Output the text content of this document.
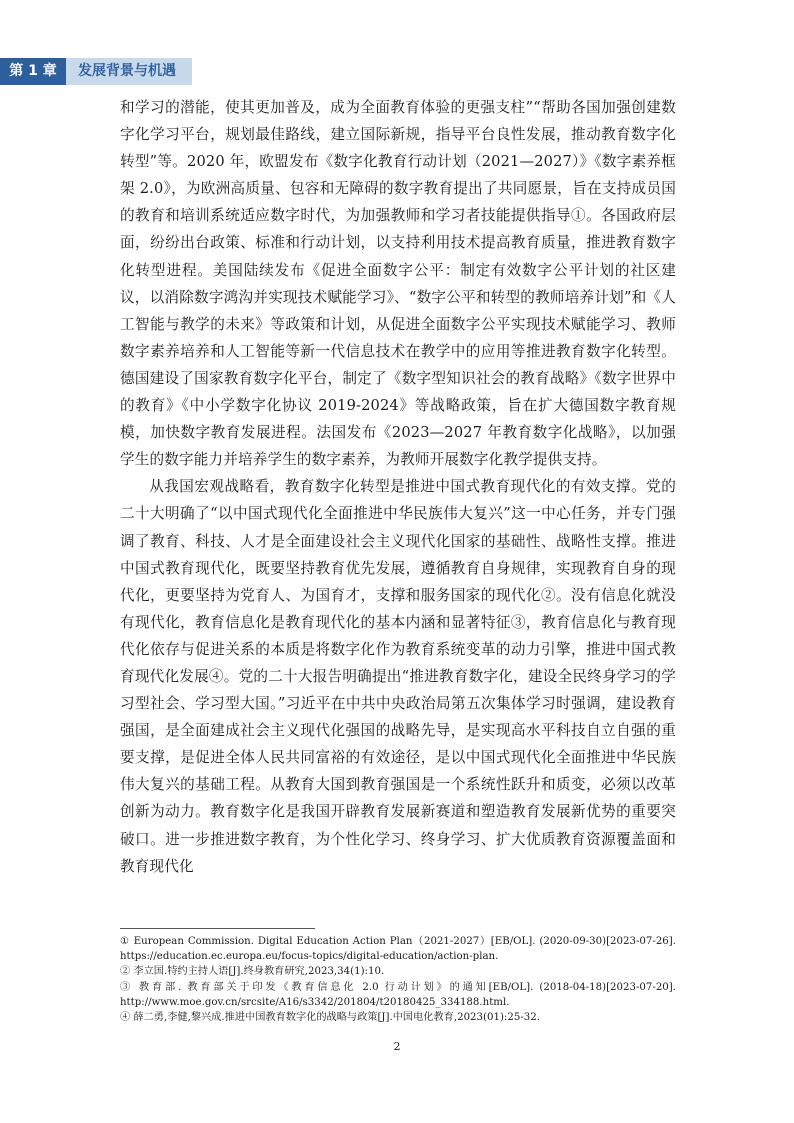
第 1 章	发展背景与机遇

和学习的潜能，使其更加普及，成为全面教育体验的更强支柱”“帮助各国加强创建数字化学习平台，规划最佳路线，建立国际新规，指导平台良性发展，推动教育数字化转型”等。2020 年，欧盟发布《数字化教育行动计划（2021—2027）》《数字素养框架 2.0》，为欧洲高质量、包容和无障碍的数字教育提出了共同愿景，旨在支持成员国的教育和培训系统适应数字时代，为加强教师和学习者技能提供指导①。各国政府层面，纷纷出台政策、标准和行动计划，以支持利用技术提高教育质量，推进教育数字化转型进程。美国陆续发布《促进全面数字公平：制定有效数字公平计划的社区建议，以消除数字鸿沟并实现技术赋能学习》、“数字公平和转型的教师培养计划”和《人工智能与教学的未来》等政策和计划，从促进全面数字公平实现技术赋能学习、教师数字素养培养和人工智能等新一代信息技术在教学中的应用等推进教育数字化转型。德国建设了国家教育数字化平台，制定了《数字型知识社会的教育战略》《数字世界中的教育》《中小学数字化协议 2019-2024》等战略政策，旨在扩大德国数字教育规模，加快数字教育发展进程。法国发布《2023—2027 年教育数字化战略》，以加强学生的数字能力并培养学生的数字素养，为教师开展数字化教学提供支持。

从我国宏观战略看，教育数字化转型是推进中国式教育现代化的有效支撑。党的二十大明确了“以中国式现代化全面推进中华民族伟大复兴”这一中心任务，并专门强调了教育、科技、人才是全面建设社会主义现代化国家的基础性、战略性支撑。推进中国式教育现代化，既要坚持教育优先发展，遵循教育自身规律，实现教育自身的现代化，更要坚持为党育人、为国育才，支撑和服务国家的现代化②。没有信息化就没有现代化，教育信息化是教育现代化的基本内涵和显著特征③，教育信息化与教育现代化依存与促进关系的本质是将数字化作为教育系统变革的动力引擎，推进中国式教育现代化发展④。党的二十大报告明确提出“推进教育数字化，建设全民终身学习的学习型社会、学习型大国。”习近平在中共中央政治局第五次集体学习时强调，建设教育强国，是全面建成社会主义现代化强国的战略先导，是实现高水平科技自立自强的重要支撑，是促进全体人民共同富裕的有效途径，是以中国式现代化全面推进中华民族伟大复兴的基础工程。从教育大国到教育强国是一个系统性跃升和质变，必须以改革创新为动力。教育数字化是我国开辟教育发展新赛道和塑造教育发展新优势的重要突破口。进一步推进数字教育，为个性化学习、终身学习、扩大优质教育资源覆盖面和教育现代化

① European Commission. Digital Education Action Plan（2021-2027）[EB/OL]. (2020-09-30)[2023-07-26]. https://education.ec.europa.eu/focus-topics/digital-education/action-plan.

② 李立国.特约主持人语[J].终身教育研究,2023,34(1):10.

③ 教育部. 教育部关于印发《教育信息化 2.0 行动计划》的通知[EB/OL]. (2018-04-18)[2023-07-20]. http://www.moe.gov.cn/srcsite/A16/s3342/201804/t20180425_334188.html.

④ 薛二勇,李健,黎兴成.推进中国教育数字化的战略与政策[J].中国电化教育,2023(01):25-32.

2
